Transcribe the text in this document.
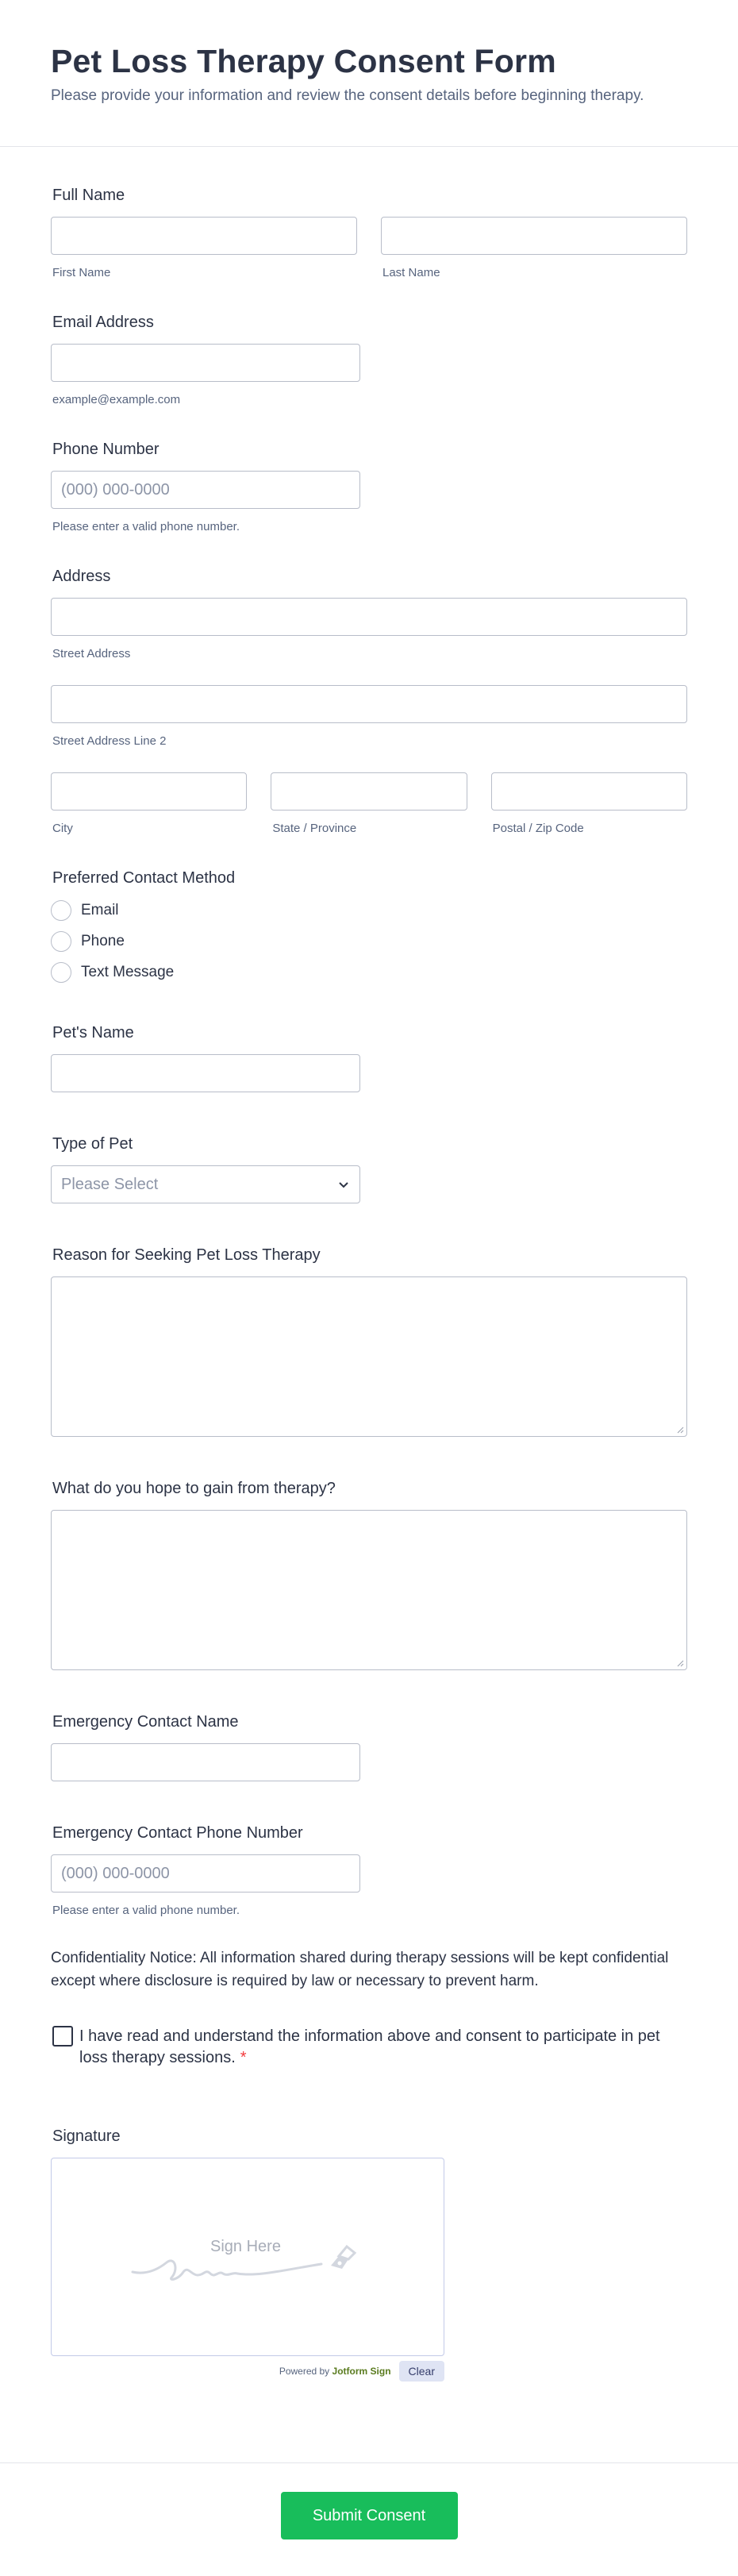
Pet Loss Therapy Consent Form

Please provide your information and review the consent details before beginning therapy.

Full Name
First Name	Last Name
Email Address
example@example.com
Phone Number
(000) 000-0000
Please enter a valid phone number.
Address
Street Address
Street Address Line 2
City	State / Province	Postal / Zip Code
Preferred Contact Method
Email
Phone
Text Message
Pet's Name
Type of Pet
Please Select
Reason for Seeking Pet Loss Therapy
What do you hope to gain from therapy?
Emergency Contact Name
Emergency Contact Phone Number
(000) 000-0000
Please enter a valid phone number.
Confidentiality Notice: All information shared during therapy sessions will be kept confidential except where disclosure is required by law or necessary to prevent harm.
I have read and understand the information above and consent to participate in pet loss therapy sessions. *
Signature
Sign Here
Powered by Jotform Sign	Clear
Submit Consent
